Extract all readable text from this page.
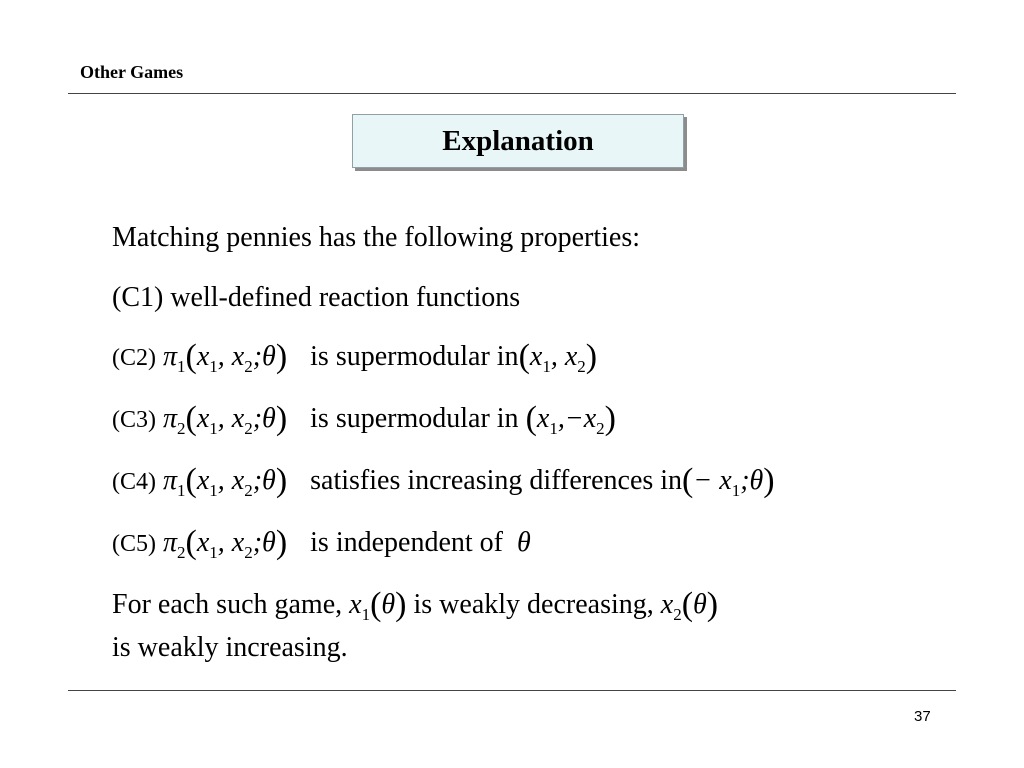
Other Games
Explanation
Matching pennies has the following properties:
(C1) well-defined reaction functions
(C2) $\pi_1(x_1$, $x_2;\theta$) is supermodular $in(x_1$, $x_2$)
(C3) $\pi_2(x_1$, $x_2;\theta$) is supermodular in $(x_1,-x_2)$
(C4) $\pi_1(x_1$, $x_2;\theta$) satisfies increasing differences $in(- x_1;\theta)$
(C5) $\pi_2(x_1$, $x_2;\theta$) is independent of  θ
For each such game, $x_1(\theta)$ is weakly decreasing, $x_2(\theta)$
is weakly increasing.
37
